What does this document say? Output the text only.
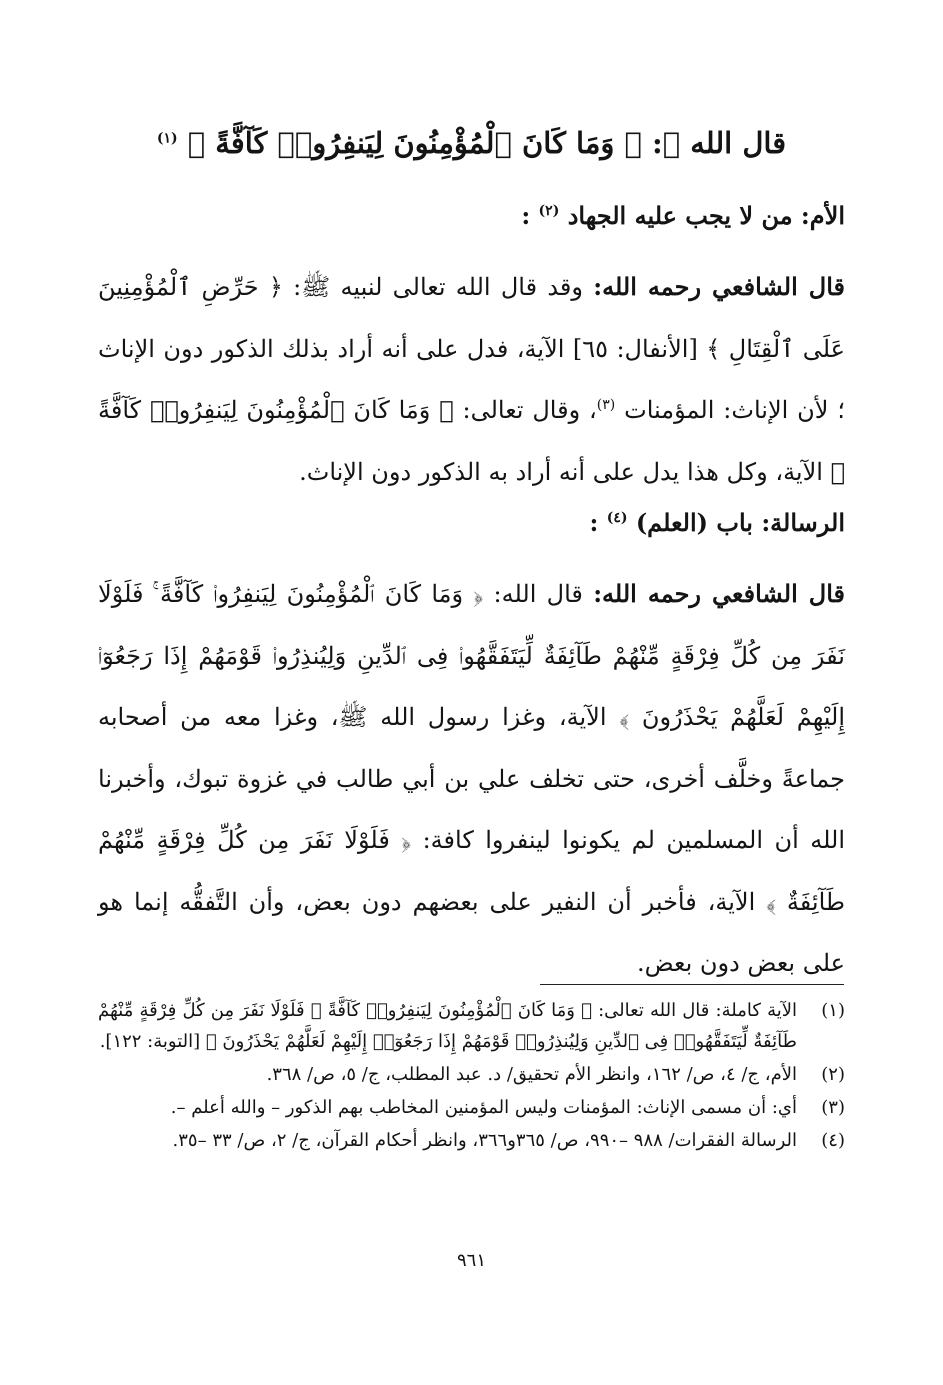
قال الله ﷻ: ﴿ وَمَا كَانَ ٱلْمُؤْمِنُونَ لِيَنفِرُوا۟ كَآفَّةً ﴾ $^{(١)}$
الأم: من لا يجب عليه الجهاد $^{(٢)}$ :
قال الشافعي رحمه الله: وقد قال الله تعالى لنبيه ﷺ: ﴿ حَرِّضِ ٱلْمُؤْمِنِينَ عَلَى ٱلْقِتَالِ ﴾ [الأنفال: ٦٥] الآية، فدل على أنه أراد بذلك الذكور دون الإناث ؛ لأن الإناث: المؤمنات $^{(٣)}$، وقال تعالى: ﴿ وَمَا كَانَ ٱلْمُؤْمِنُونَ لِيَنفِرُوا۟ كَآفَّةً ﴾ الآية، وكل هذا يدل على أنه أراد به الذكور دون الإناث.
الرسالة: باب (العلم) $^{(٤)}$ :
قال الشافعي رحمه الله: قال الله: ﴿ وَمَا كَانَ ٱلْمُؤْمِنُونَ لِيَنفِرُوا۟ كَآفَّةً ۚ فَلَوْلَا نَفَرَ مِن كُلِّ فِرْقَةٍ مِّنْهُمْ طَآئِفَةٌ لِّيَتَفَقَّهُوا۟ فِى ٱلدِّينِ وَلِيُنذِرُوا۟ قَوْمَهُمْ إِذَا رَجَعُوٓا۟ إِلَيْهِمْ لَعَلَّهُمْ يَحْذَرُونَ ﴾ الآية، وغزا رسول الله ﷺ، وغزا معه من أصحابه جماعةً وخلَّف أخرى، حتى تخلف علي بن أبي طالب في غزوة تبوك، وأخبرنا الله أن المسلمين لم يكونوا لينفروا كافة: ﴿ فَلَوْلَا نَفَرَ مِن كُلِّ فِرْقَةٍ مِّنْهُمْ طَآئِفَةٌ ﴾ الآية، فأخبر أن النفير على بعضهم دون بعض، وأن التَّفقُّه إنما هو على بعض دون بعض.
(١)
الآية كاملة: قال الله تعالى: ﴿ وَمَا كَانَ ٱلْمُؤْمِنُونَ لِيَنفِرُوا۟ كَآفَّةً ۚ فَلَوْلَا نَفَرَ مِن كُلِّ فِرْقَةٍ مِّنْهُمْ طَآئِفَةٌ لِّيَتَفَقَّهُوا۟ فِى ٱلدِّينِ وَلِيُنذِرُوا۟ قَوْمَهُمْ إِذَا رَجَعُوٓا۟ إِلَيْهِمْ لَعَلَّهُمْ يَحْذَرُونَ ﴾ [التوبة: ١٢٢].
(٢)
الأم، ج/ ٤، ص/ ١٦٢، وانظر الأم تحقيق/ د. عبد المطلب، ج/ ٥، ص/ ٣٦٨.
(٣)
أي: أن مسمى الإناث: المؤمنات وليس المؤمنين المخاطب بهم الذكور – والله أعلم –.
(٤)
الرسالة الفقرات/ ٩٨٨ –٩٩٠، ص/ ٣٦٥و٣٦٦، وانظر أحكام القرآن، ج/ ٢، ص/ ٣٣ –٣٥.
٩٦١
